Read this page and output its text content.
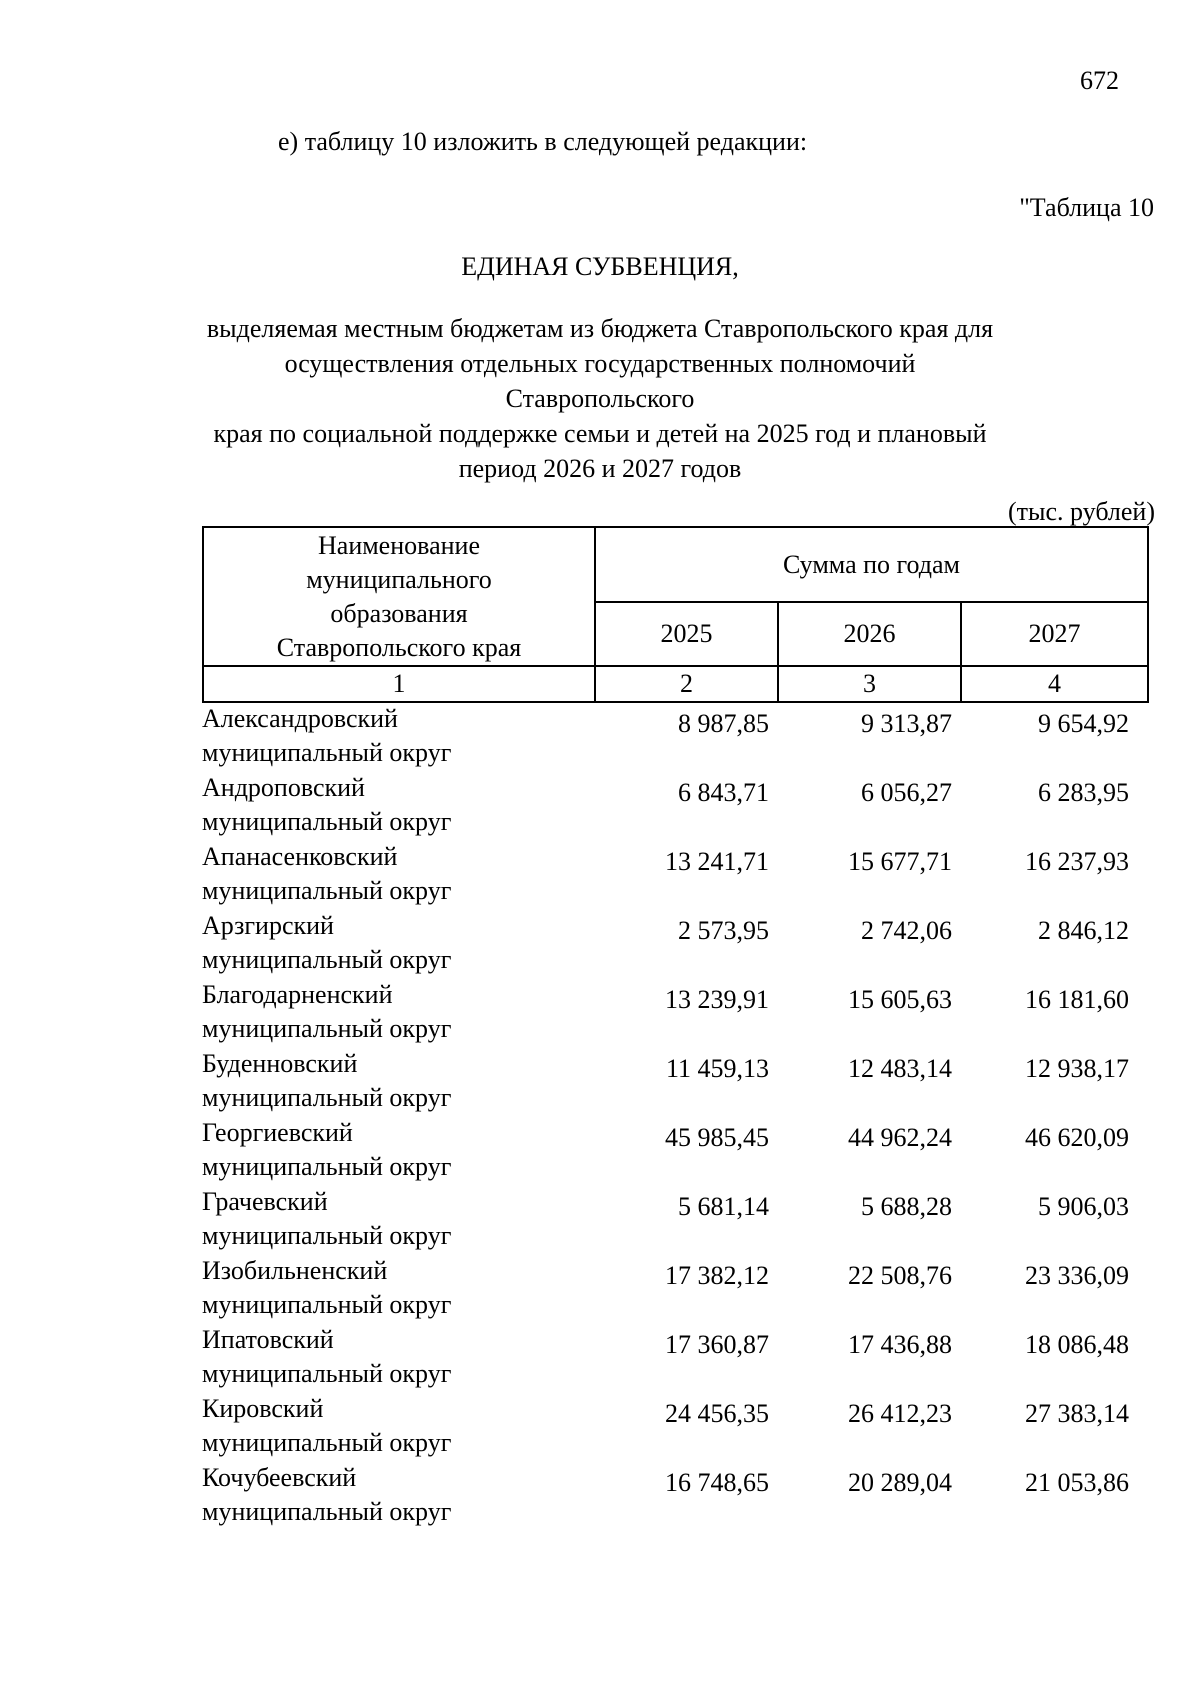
672
е) таблицу 10 изложить в следующей редакции:
"Таблица 10
ЕДИНАЯ СУБВЕНЦИЯ,
выделяемая местным бюджетам из бюджета Ставропольского края для
осуществления отдельных государственных полномочий Ставропольского
края по социальной поддержке семьи и детей на 2025 год и плановый
период 2026 и 2027 годов
(тыс. рублей)
Наименование муниципального образования Ставропольского края	Сумма по годам		
	2025	2026	2027
1	2	3	4
Александровский
муниципальный округ	8 987,85	9 313,87	9 654,92

Андроповский
муниципальный округ	6 843,71	6 056,27	6 283,95

Апанасенковский
муниципальный округ	13 241,71	15 677,71	16 237,93

Арзгирский
муниципальный округ	2 573,95	2 742,06	2 846,12

Благодарненский
муниципальный округ	13 239,91	15 605,63	16 181,60

Буденновский
муниципальный округ	11 459,13	12 483,14	12 938,17

Георгиевский
муниципальный округ	45 985,45	44 962,24	46 620,09

Грачевский
муниципальный округ	5 681,14	5 688,28	5 906,03

Изобильненский
муниципальный округ	17 382,12	22 508,76	23 336,09

Ипатовский
муниципальный округ	17 360,87	17 436,88	18 086,48

Кировский
муниципальный округ	24 456,35	26 412,23	27 383,14

Кочубеевский
муниципальный округ	16 748,65	20 289,04	21 053,86
